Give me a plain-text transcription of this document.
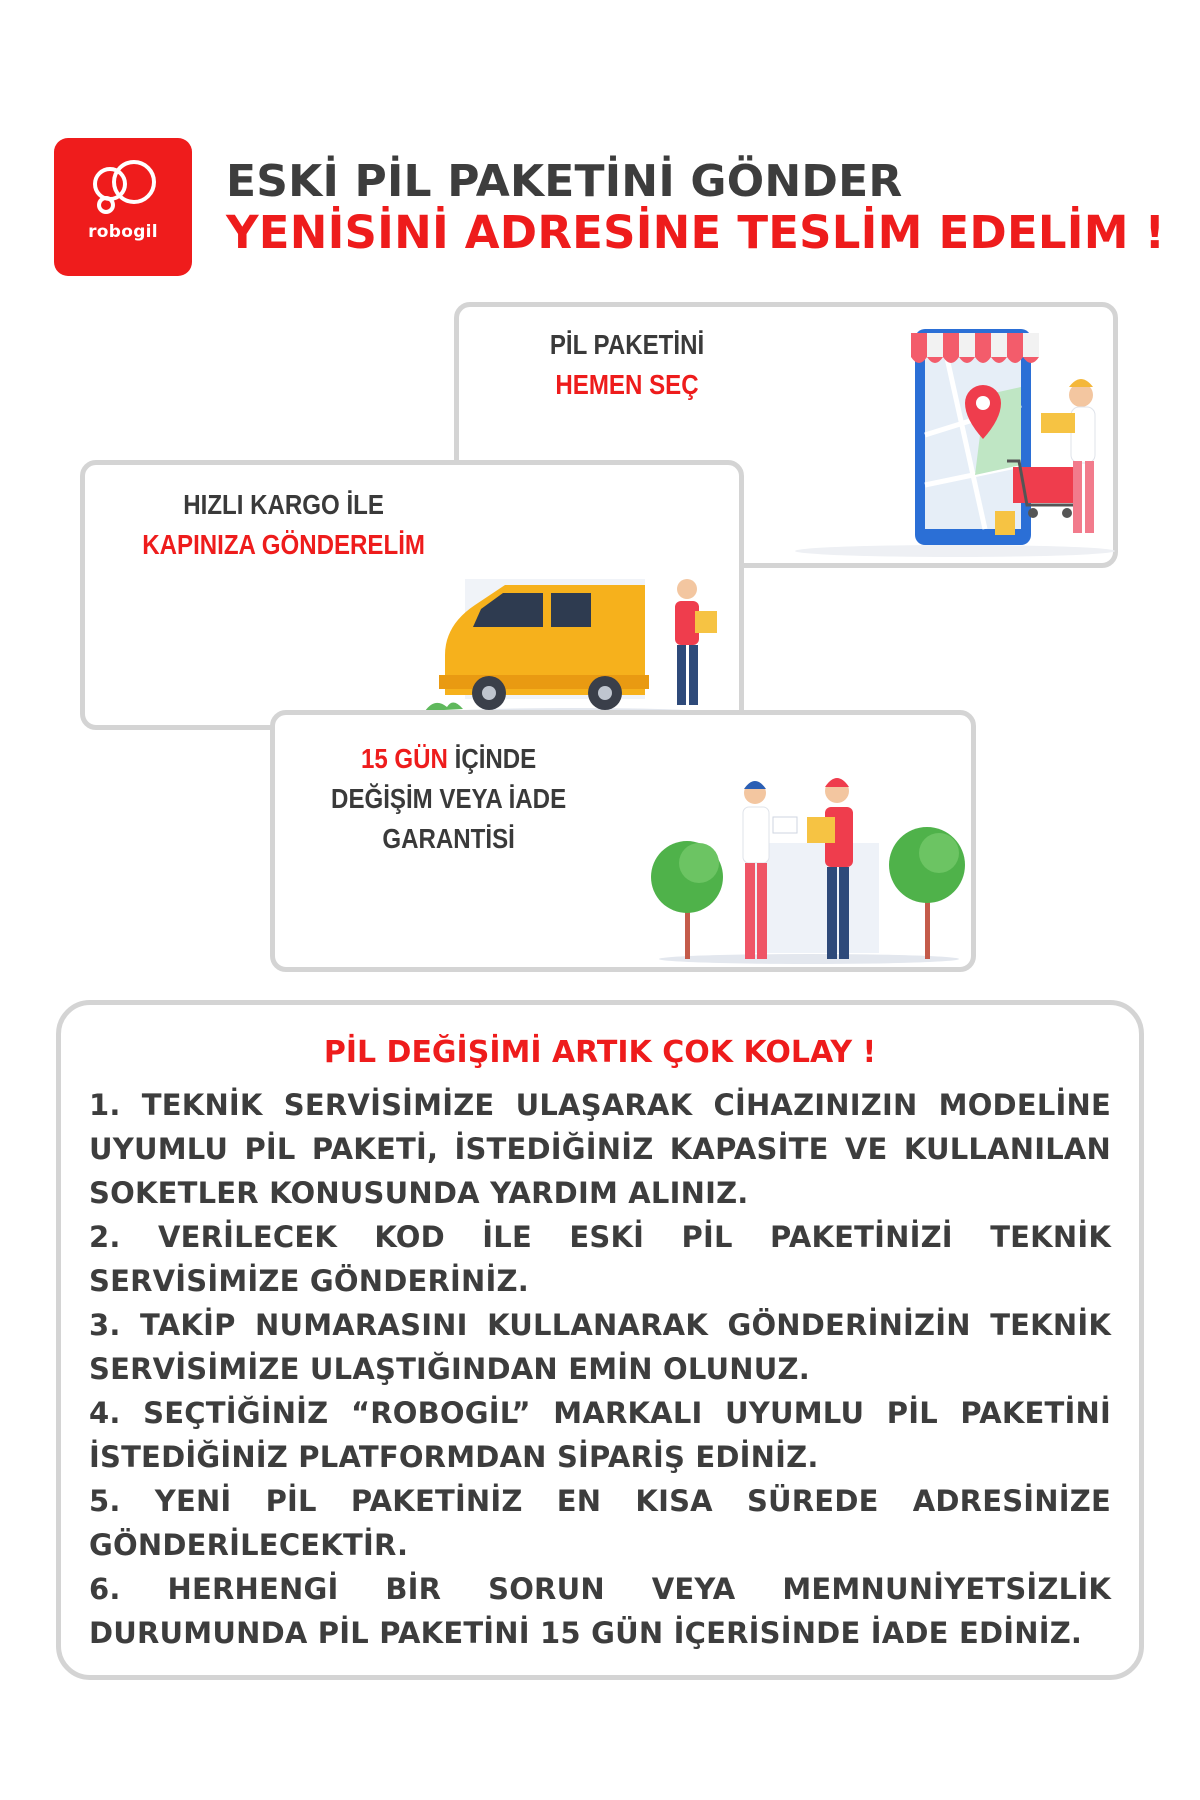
robogil
ESKİ PİL PAKETİNİ GÖNDER
YENİSİNİ ADRESİNE TESLİM EDELİM !
PİL PAKETİNİ
HEMEN SEÇ
HIZLI KARGO İLE
KAPINIZA GÖNDERELİM
15 GÜN İÇİNDE
DEĞİŞİM VEYA İADE
GARANTİSİ
PİL DEĞİŞİMİ ARTIK ÇOK KOLAY !

1. TEKNİK SERVİSİMİZE ULAŞARAK CİHAZINIZIN MODELİNE UYUMLU PİL PAKETİ, İSTEDİĞİNİZ KAPASİTE VE KULLANILAN SOKETLER KONUSUNDA YARDIM ALINIZ.

2. VERİLECEK KOD İLE ESKİ PİL PAKETİNİZİ TEKNİK SERVİSİMİZE GÖNDERİNİZ.

3. TAKİP NUMARASINI KULLANARAK GÖNDERİNİZİN TEKNİK SERVİSİMİZE ULAŞTIĞINDAN EMİN OLUNUZ.

4. SEÇTİĞİNİZ “ROBOGİL” MARKALI UYUMLU PİL PAKETİNİ İSTEDİĞİNİZ PLATFORMDAN SİPARİŞ EDİNİZ.

5. YENİ PİL PAKETİNİZ EN KISA SÜREDE ADRESİNİZE GÖNDERİLECEKTİR.

6. HERHENGİ BİR SORUN VEYA MEMNUNİYETSİZLİK DURUMUNDA PİL PAKETİNİ 15 GÜN İÇERİSİNDE İADE EDİNİZ.
